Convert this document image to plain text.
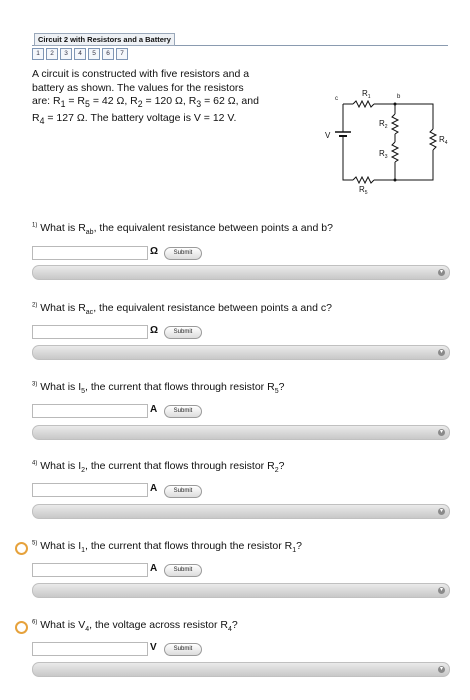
Circuit 2 with Resistors and a Battery
1	2	3	4	5	6	7
A circuit is constructed with five resistors and a
battery as shown. The values for the resistors
are: $R_1 = R_5 = 42$ Ω, $R_2 = 120$ Ω, $R_3 = 62$ Ω, and
$R_4 = 127$ Ω. The battery voltage is V = 12 V.
$R_1$	b
c
$R_2$
$R_3$
$R_4$
$R_5$
V
$^{1)}$ What is $R_{ab}$, the equivalent resistance between points a and b?
Ω	Submit
▾
$^{2)}$ What is $R_{ac}$, the equivalent resistance between points a and c?
Ω	Submit
▾
$^{3)}$ What is $I_5$, the current that flows through resistor $R_5$?
A	Submit
▾
$^{4)}$ What is $I_2$, the current that flows through resistor $R_2$?
A	Submit
▾
$^{5)}$ What is $I_1$, the current that flows through the resistor $R_1$?
A	Submit
▾
$^{6)}$ What is $V_4$, the voltage across resistor $R_4$?
V	Submit
▾
